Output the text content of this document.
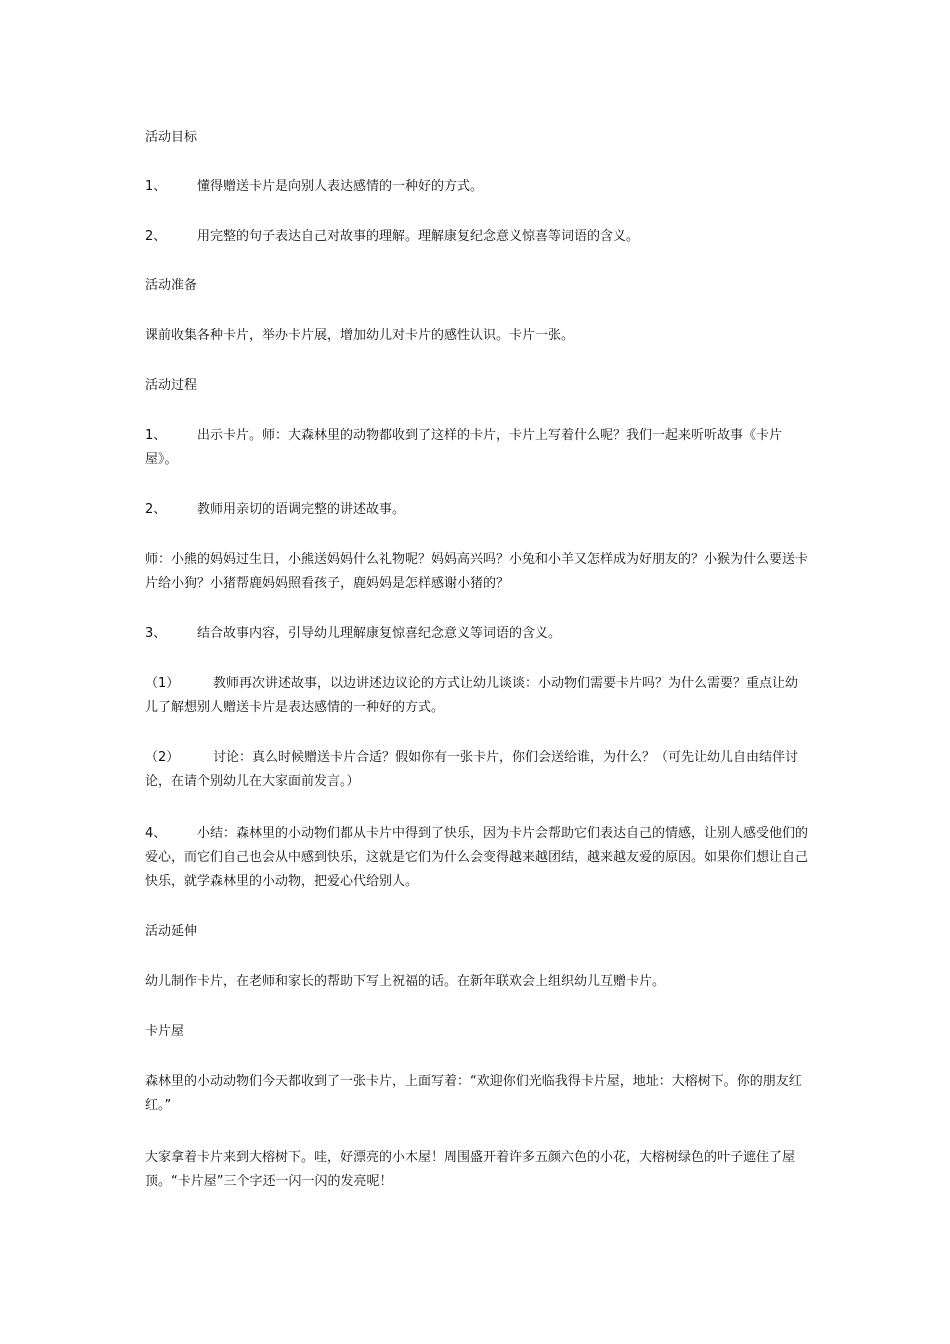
活动目标
1、 懂得赠送卡片是向别人表达感情的一种好的方式。
2、 用完整的句子表达自己对故事的理解。理解康复纪念意义惊喜等词语的含义。
活动准备
课前收集各种卡片，举办卡片展，增加幼儿对卡片的感性认识。卡片一张。
活动过程
1、 出示卡片。师：大森林里的动物都收到了这样的卡片，卡片上写着什么呢？我们一起来听听故事《卡片屋》。
2、 教师用亲切的语调完整的讲述故事。
师：小熊的妈妈过生日，小熊送妈妈什么礼物呢？妈妈高兴吗？小兔和小羊又怎样成为好朋友的？小猴为什么要送卡片给小狗？小猪帮鹿妈妈照看孩子，鹿妈妈是怎样感谢小猪的？
3、 结合故事内容，引导幼儿理解康复惊喜纪念意义等词语的含义。
（1）	教师再次讲述故事，以边讲述边议论的方式让幼儿谈谈：小动物们需要卡片吗？为什么需要？重点让幼儿了解想别人赠送卡片是表达感情的一种好的方式。
（2）	讨论：真么时候赠送卡片合适？假如你有一张卡片，你们会送给谁，为什么？（可先让幼儿自由结伴讨论，在请个别幼儿在大家面前发言。）
4、 小结：森林里的小动物们都从卡片中得到了快乐，因为卡片会帮助它们表达自己的情感，让别人感受他们的爱心，而它们自己也会从中感到快乐，这就是它们为什么会变得越来越团结，越来越友爱的原因。如果你们想让自己快乐，就学森林里的小动物，把爱心代给别人。
活动延伸
幼儿制作卡片，在老师和家长的帮助下写上祝福的话。在新年联欢会上组织幼儿互赠卡片。
卡片屋
森林里的小动动物们今天都收到了一张卡片，上面写着：“欢迎你们光临我得卡片屋，地址：大榕树下。你的朋友红红。”
大家拿着卡片来到大榕树下。哇，好漂亮的小木屋！周围盛开着许多五颜六色的小花，大榕树绿色的叶子遮住了屋顶。“卡片屋”三个字还一闪一闪的发亮呢！
